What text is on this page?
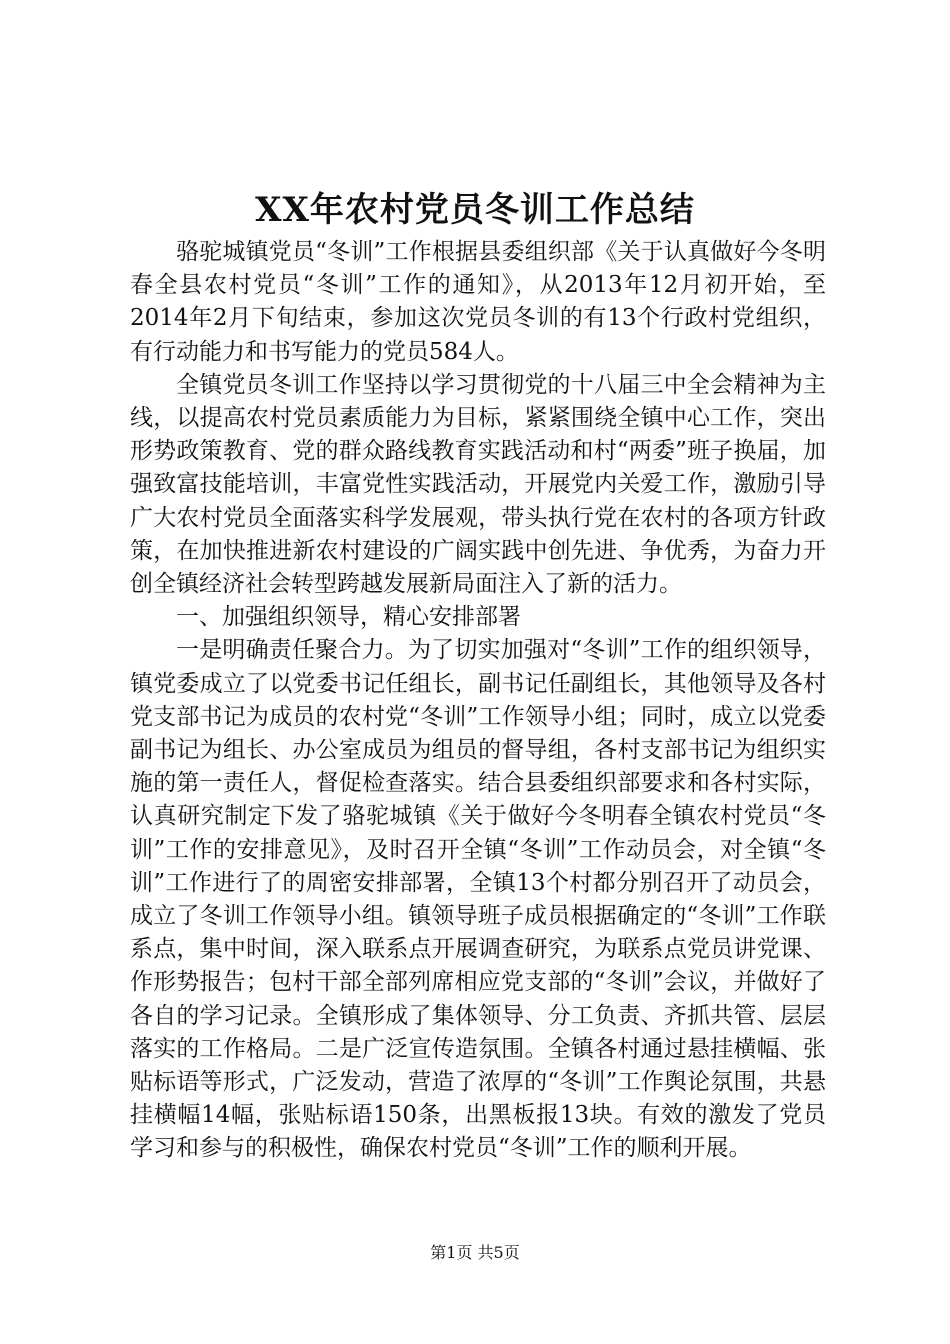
XX年农村党员冬训工作总结

骆驼城镇党员“冬训”工作根据县委组织部《关于认真做好今冬明春全县农村党员“冬训”工作的通知》，从2013年12月初开始，至2014年2月下旬结束，参加这次党员冬训的有13个行政村党组织，有行动能力和书写能力的党员584人。

全镇党员冬训工作坚持以学习贯彻党的十八届三中全会精神为主线，以提高农村党员素质能力为目标，紧紧围绕全镇中心工作，突出形势政策教育、党的群众路线教育实践活动和村“两委”班子换届，加强致富技能培训，丰富党性实践活动，开展党内关爱工作，激励引导广大农村党员全面落实科学发展观，带头执行党在农村的各项方针政策，在加快推进新农村建设的广阔实践中创先进、争优秀，为奋力开创全镇经济社会转型跨越发展新局面注入了新的活力。

一、加强组织领导，精心安排部署

一是明确责任聚合力。为了切实加强对“冬训”工作的组织领导，镇党委成立了以党委书记任组长，副书记任副组长，其他领导及各村党支部书记为成员的农村党“冬训”工作领导小组；同时，成立以党委副书记为组长、办公室成员为组员的督导组，各村支部书记为组织实施的第一责任人，督促检查落实。结合县委组织部要求和各村实际，认真研究制定下发了骆驼城镇《关于做好今冬明春全镇农村党员“冬训”工作的安排意见》，及时召开全镇“冬训”工作动员会，对全镇“冬训”工作进行了的周密安排部署，全镇13个村都分别召开了动员会，成立了冬训工作领导小组。镇领导班子成员根据确定的“冬训”工作联系点，集中时间，深入联系点开展调查研究，为联系点党员讲党课、作形势报告；包村干部全部列席相应党支部的“冬训”会议，并做好了各自的学习记录。全镇形成了集体领导、分工负责、齐抓共管、层层落实的工作格局。二是广泛宣传造氛围。全镇各村通过悬挂横幅、张贴标语等形式，广泛发动，营造了浓厚的“冬训”工作舆论氛围，共悬挂横幅14幅，张贴标语150条，出黑板报13块。有效的激发了党员学习和参与的积极性，确保农村党员“冬训”工作的顺利开展。

第1页 共5页
